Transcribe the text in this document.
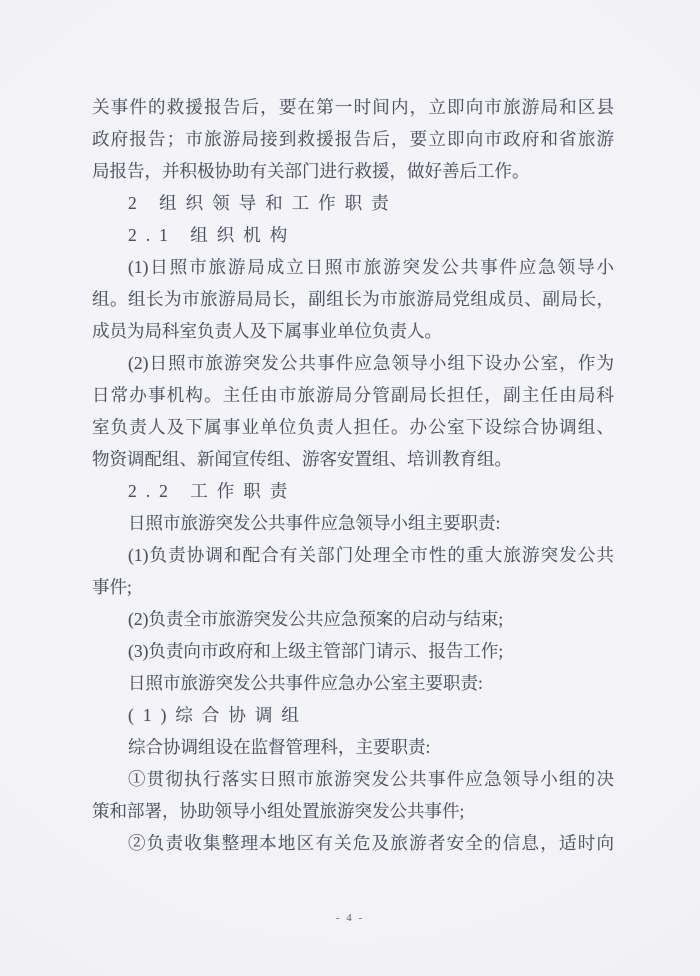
关事件的救援报告后，要在第一时间内，立即向市旅游局和区县
政府报告；市旅游局接到救援报告后，要立即向市政府和省旅游
局报告，并积极协助有关部门进行救援，做好善后工作。
2 组织领导和工作职责
2.1 组织机构
(1)日照市旅游局成立日照市旅游突发公共事件应急领导小
组。组长为市旅游局局长，副组长为市旅游局党组成员、副局长，
成员为局科室负责人及下属事业单位负责人。
(2)日照市旅游突发公共事件应急领导小组下设办公室，作为
日常办事机构。主任由市旅游局分管副局长担任，副主任由局科
室负责人及下属事业单位负责人担任。办公室下设综合协调组、
物资调配组、新闻宣传组、游客安置组、培训教育组。
2.2 工作职责
日照市旅游突发公共事件应急领导小组主要职责:
(1)负责协调和配合有关部门处理全市性的重大旅游突发公共
事件;
(2)负责全市旅游突发公共应急预案的启动与结束;
(3)负责向市政府和上级主管部门请示、报告工作;
日照市旅游突发公共事件应急办公室主要职责:
(1)综合协调组
综合协调组设在监督管理科，主要职责:
①贯彻执行落实日照市旅游突发公共事件应急领导小组的决
策和部署，协助领导小组处置旅游突发公共事件;
②负责收集整理本地区有关危及旅游者安全的信息，适时向
- 4 -
